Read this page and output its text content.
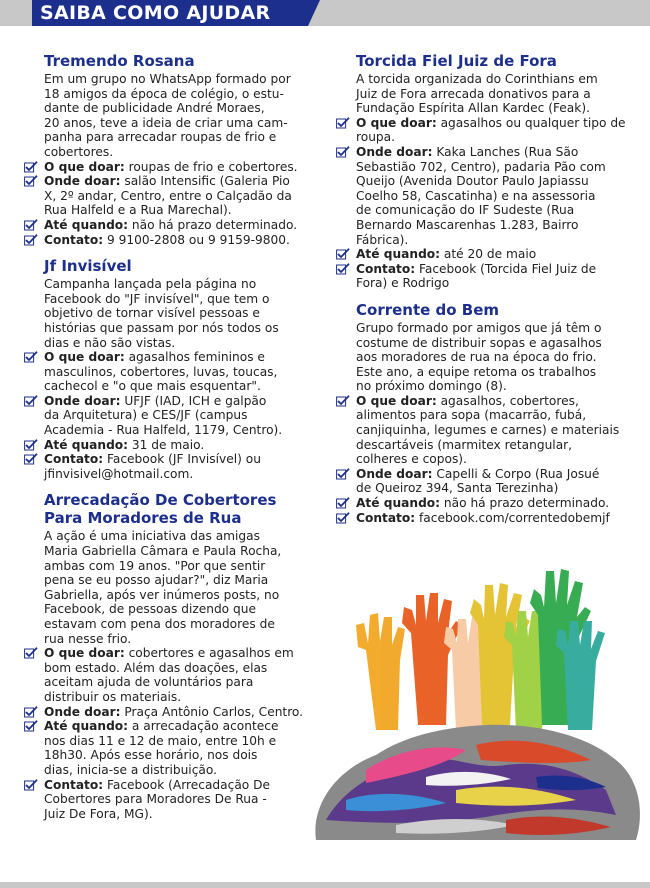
SAIBA COMO AJUDAR
Tremendo Rosana

Em um grupo no WhatsApp formado por
18 amigos da época de colégio, o estu-
dante de publicidade André Moraes,
20 anos, teve a ideia de criar uma cam-
panha para arrecadar roupas de frio e
cobertores.

O que doar: roupas de frio e cobertores.
Onde doar: salão Intensific (Galeria Pio
X, 2º andar, Centro, entre o Calçadão da
Rua Halfeld e a Rua Marechal).
Até quando: não há prazo determinado.
Contato: 9 9100-2808 ou 9 9159-9800.
Jf Invisível

Campanha lançada pela página no
Facebook do "JF invisível", que tem o
objetivo de tornar visível pessoas e
histórias que passam por nós todos os
dias e não são vistas.

O que doar: agasalhos femininos e
masculinos, cobertores, luvas, toucas,
cachecol e "o que mais esquentar".
Onde doar: UFJF (IAD, ICH e galpão
da Arquitetura) e CES/JF (campus
Academia - Rua Halfeld, 1179, Centro).
Até quando: 31 de maio.
Contato: Facebook (JF Invisível) ou
jfinvisivel@hotmail.com.
Arrecadação De Cobertores Para Moradores de Rua

A ação é uma iniciativa das amigas
Maria Gabriella Câmara e Paula Rocha,
ambas com 19 anos. "Por que sentir
pena se eu posso ajudar?", diz Maria
Gabriella, após ver inúmeros posts, no
Facebook, de pessoas dizendo que
estavam com pena dos moradores de
rua nesse frio.

O que doar: cobertores e agasalhos em
bom estado. Além das doações, elas
aceitam ajuda de voluntários para
distribuir os materiais.
Onde doar: Praça Antônio Carlos, Centro.
Até quando: a arrecadação acontece
nos dias 11 e 12 de maio, entre 10h e
18h30. Após esse horário, nos dois
dias, inicia-se a distribuição.
Contato: Facebook (Arrecadação De
Cobertores para Moradores De Rua -
Juiz De Fora, MG).
Torcida Fiel Juiz de Fora

A torcida organizada do Corinthians em
Juiz de Fora arrecada donativos para a
Fundação Espírita Allan Kardec (Feak).

O que doar: agasalhos ou qualquer tipo de
roupa.
Onde doar: Kaka Lanches (Rua São
Sebastião 702, Centro), padaria Pão com
Queijo (Avenida Doutor Paulo Japiassu
Coelho 58, Cascatinha) e na assessoria
de comunicação do IF Sudeste (Rua
Bernardo Mascarenhas 1.283, Bairro
Fábrica).
Até quando: até 20 de maio
Contato: Facebook (Torcida Fiel Juiz de
Fora) e Rodrigo
Corrente do Bem

Grupo formado por amigos que já têm o
costume de distribuir sopas e agasalhos
aos moradores de rua na época do frio.
Este ano, a equipe retoma os trabalhos
no próximo domingo (8).

O que doar: agasalhos, cobertores,
alimentos para sopa (macarrão, fubá,
canjiquinha, legumes e carnes) e materiais
descartáveis (marmitex retangular,
colheres e copos).
Onde doar: Capelli & Corpo (Rua Josué
de Queiroz 394, Santa Terezinha)
Até quando: não há prazo determinado.
Contato: facebook.com/correntedobemjf
